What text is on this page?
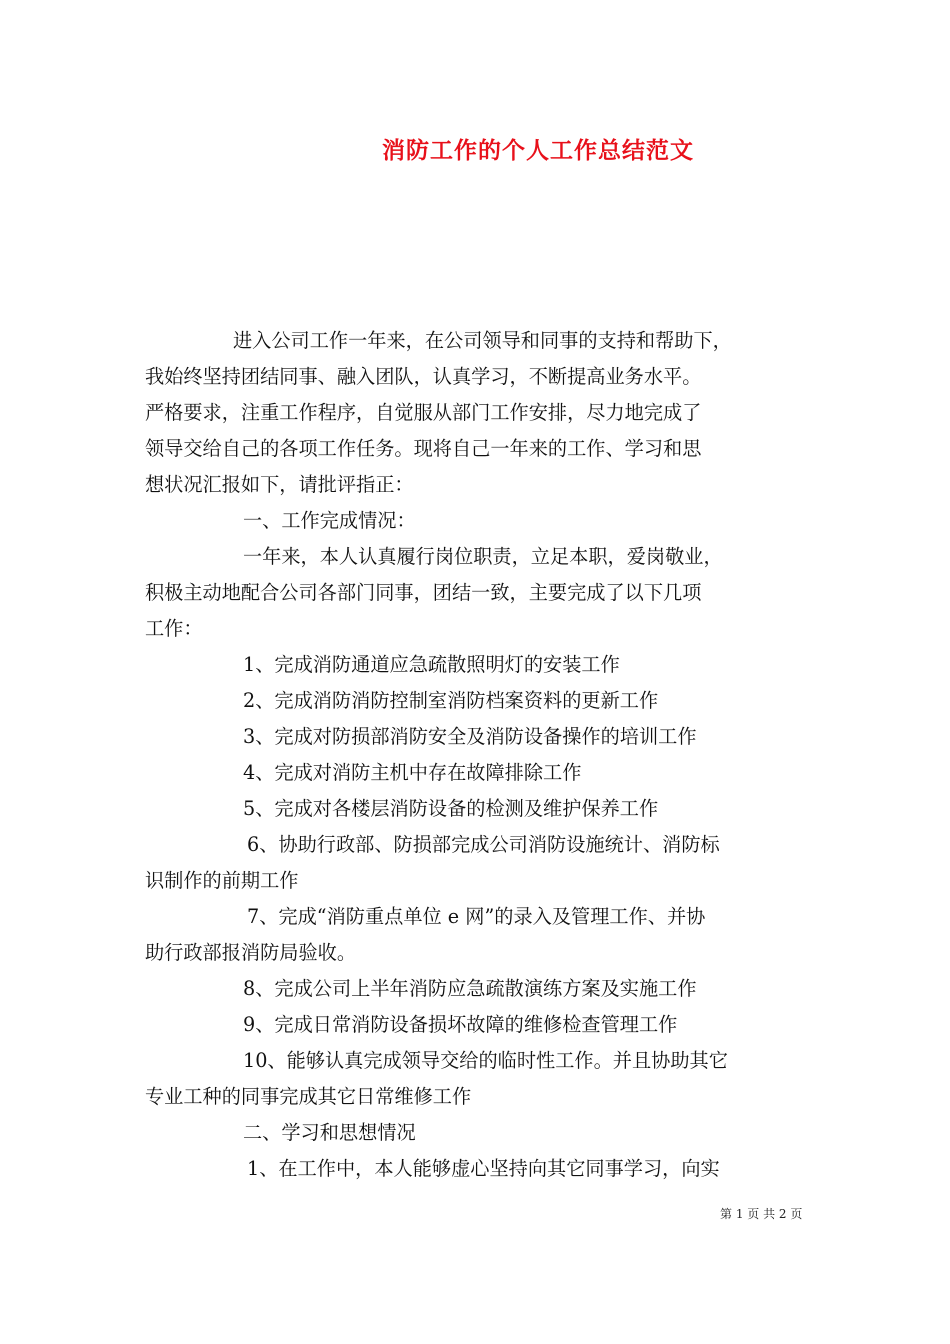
消防工作的个人工作总结范文

进入公司工作一年来，在公司领导和同事的支持和帮助下，

我始终坚持团结同事、融入团队，认真学习，不断提高业务水平。

严格要求，注重工作程序，自觉服从部门工作安排，尽力地完成了

领导交给自己的各项工作任务。现将自己一年来的工作、学习和思

想状况汇报如下，请批评指正：

一、工作完成情况：

一年来，本人认真履行岗位职责，立足本职，爱岗敬业，

积极主动地配合公司各部门同事，团结一致，主要完成了以下几项

工作：

1、完成消防通道应急疏散照明灯的安装工作

2、完成消防消防控制室消防档案资料的更新工作

3、完成对防损部消防安全及消防设备操作的培训工作

4、完成对消防主机中存在故障排除工作

5、完成对各楼层消防设备的检测及维护保养工作

6、协助行政部、防损部完成公司消防设施统计、消防标

识制作的前期工作

7、完成“消防重点单位 e 网”的录入及管理工作、并协

助行政部报消防局验收。

8、完成公司上半年消防应急疏散演练方案及实施工作

9、完成日常消防设备损坏故障的维修检查管理工作

10、能够认真完成领导交给的临时性工作。并且协助其它

专业工种的同事完成其它日常维修工作

二、学习和思想情况

1、在工作中，本人能够虚心坚持向其它同事学习，向实

第 1 页 共 2 页
